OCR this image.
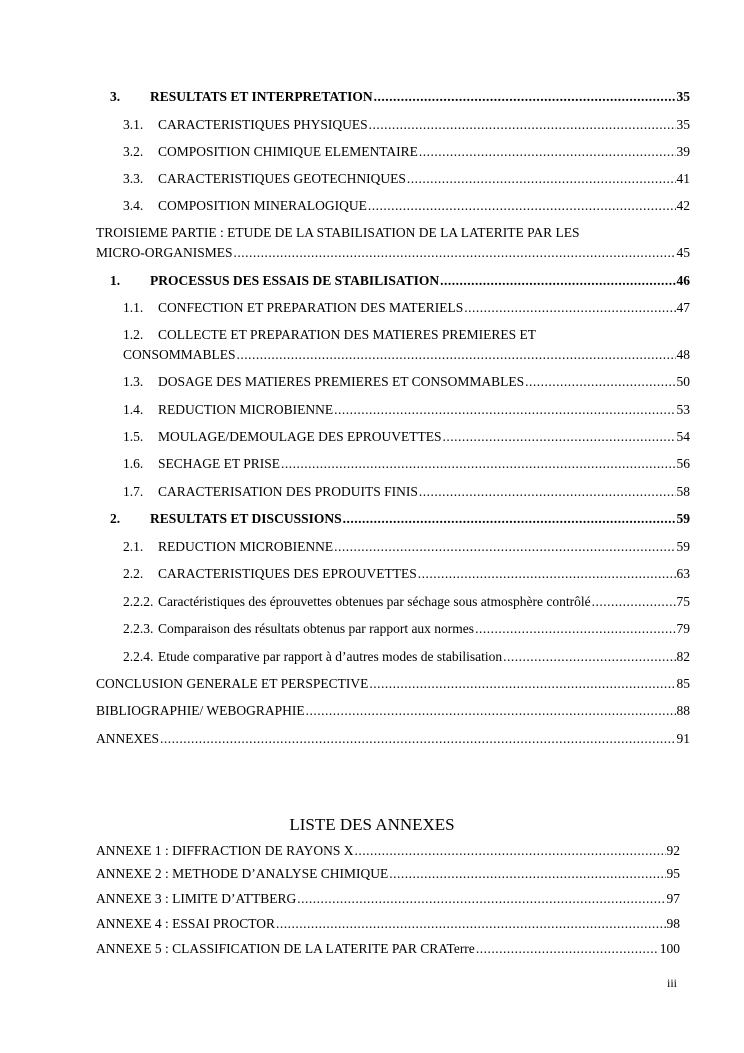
3.	RESULTATS ET INTERPRETATION .....	35
3.1.	CARACTERISTIQUES PHYSIQUES .....	35
3.2.	COMPOSITION CHIMIQUE ELEMENTAIRE .....	39
3.3.	CARACTERISTIQUES GEOTECHNIQUES .....	41
3.4.	COMPOSITION MINERALOGIQUE .....	42
TROISIEME PARTIE : ETUDE DE LA STABILISATION DE LA LATERITE PAR LES
MICRO-ORGANISMES .....	45
1.	PROCESSUS DES ESSAIS DE STABILISATION .....	46
1.1.	CONFECTION ET PREPARATION DES MATERIELS .....	47
1.2. COLLECTE ET PREPARATION DES MATIERES PREMIERES ET
CONSOMMABLES .....	48
1.3.	DOSAGE DES MATIERES PREMIERES ET CONSOMMABLES .....	50
1.4.	REDUCTION MICROBIENNE .....	53
1.5.	MOULAGE/DEMOULAGE DES EPROUVETTES .....	54
1.6.	SECHAGE ET PRISE .....	56
1.7.	CARACTERISATION DES PRODUITS FINIS .....	58
2.	RESULTATS ET DISCUSSIONS .....	59
2.1.	REDUCTION MICROBIENNE .....	59
2.2.	CARACTERISTIQUES DES EPROUVETTES .....	63
2.2.2. Caractéristiques des éprouvettes obtenues par séchage sous atmosphère contrôlé .....	75
2.2.3. Comparaison des résultats obtenus par rapport aux normes .....	79
2.2.4. Etude comparative par rapport à d’autres modes de stabilisation .....	82
CONCLUSION GENERALE ET PERSPECTIVE .....	85
BIBLIOGRAPHIE/ WEBOGRAPHIE .....	88
ANNEXES .....	91
LISTE DES ANNEXES
ANNEXE 1 : DIFFRACTION DE RAYONS X .....	92
ANNEXE 2 : METHODE D’ANALYSE CHIMIQUE .....	95
ANNEXE 3 : LIMITE D’ATTBERG .....	97
ANNEXE 4 : ESSAI PROCTOR .....	98
ANNEXE 5 : CLASSIFICATION DE LA LATERITE PAR CRATerre .....	100
iii
